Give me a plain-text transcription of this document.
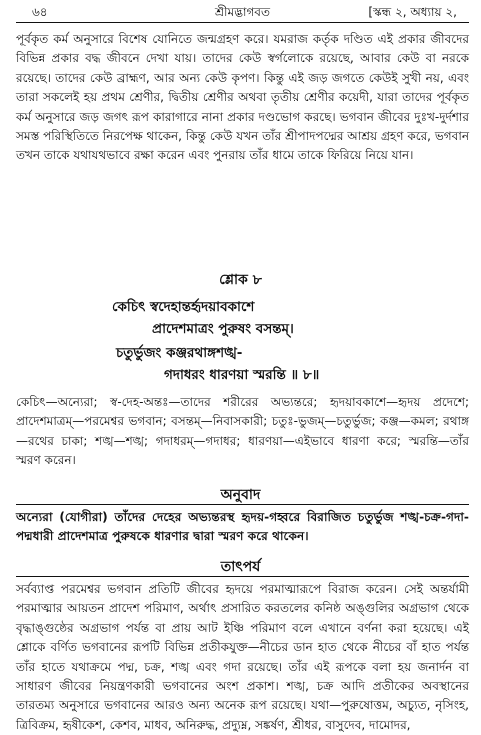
৬৪	শ্রীমদ্ভাগবত	[স্কন্ধ ২, অধ্যায় ২,
পূর্বকৃত কর্ম অনুসারে বিশেষ যোনিতে জন্মগ্রহণ করে। যমরাজ কর্তৃক দণ্ডিত এই প্রকার জীবদের বিভিন্ন প্রকার বদ্ধ জীবনে দেখা যায়। তাদের কেউ স্বর্গলোকে রয়েছে, আবার কেউ বা নরকে রয়েছে। তাদের কেউ ব্রাহ্মণ, আর অন্য কেউ কৃপণ। কিন্তু এই জড় জগতে কেউই সুখী নয়, এবং তারা সকলেই হয় প্রথম শ্রেণীর, দ্বিতীয় শ্রেণীর অথবা তৃতীয় শ্রেণীর কয়েদী, যারা তাদের পূর্বকৃত কর্ম অনুসারে জড় জগৎ রূপ কারাগারে নানা প্রকার দণ্ডভোগ করছে। ভগবান জীবের দুঃখ-দুর্দশার সমস্ত পরিস্থিতিতে নিরপেক্ষ থাকেন, কিন্তু কেউ যখন তাঁর শ্রীপাদপদ্মের আশ্রয় গ্রহণ করে, ভগবান তখন তাকে যথাযথভাবে রক্ষা করেন এবং পুনরায় তাঁর ধামে তাকে ফিরিয়ে নিয়ে যান।
শ্লোক ৮
কেচিৎ স্বদেহান্তর্হৃদয়াবকাশে
প্রাদেশমাত্রং পুরুষং বসন্তম্।
চতুর্ভুজং কঞ্জরথাঙ্গশঙ্খ-
গদাধরং ধারণয়া স্মরন্তি ॥ ৮॥
কেচিৎ—অন্যেরা; স্ব-দেহ-অন্তঃ—তাদের শরীরের অভ্যন্তরে; হৃদয়াবকাশে—হৃদয় প্রদেশে; প্রাদেশমাত্রম্—পরমেশ্বর ভগবান; বসন্তম্—নিবাসকারী; চতুঃ-ভুজম্—চতুর্ভুজ; কঞ্জ—কমল; রথাঙ্গ—রথের চাকা; শঙ্খ—শঙ্খ; গদাধরম্—গদাধর; ধারণয়া—এইভাবে ধারণা করে; স্মরন্তি—তাঁর স্মরণ করেন।
অনুবাদ
অন্যেরা (যোগীরা) তাঁদের দেহের অভ্যন্তরস্থ হৃদয়-গহ্বরে বিরাজিত চতুর্ভুজ শঙ্খ-চক্র-গদা-পদ্মধারী প্রাদেশমাত্র পুরুষকে ধারণার দ্বারা স্মরণ করে থাকেন।
তাৎপর্য
সর্বব্যাপ্ত পরমেশ্বর ভগবান প্রতিটি জীবের হৃদয়ে পরমাত্মারূপে বিরাজ করেন। সেই অন্তর্যামী পরমাত্মার আয়তন প্রাদেশ পরিমাণ, অর্থাৎ প্রসারিত করতলের কনিষ্ঠ অঙ্গুলির অগ্রভাগ থেকে বৃদ্ধাঙ্গুষ্ঠের অগ্রভাগ পর্যন্ত বা প্রায় আট ইঞ্চি পরিমাণ বলে এখানে বর্ণনা করা হয়েছে। এই শ্লোকে বর্ণিত ভগবানের রূপটি বিভিন্ন প্রতীকযুক্ত—নীচের ডান হাত থেকে নীচের বাঁ হাত পর্যন্ত তাঁর হাতে যথাক্রমে পদ্ম, চক্র, শঙ্খ এবং গদা রয়েছে। তাঁর এই রূপকে বলা হয় জনার্দন বা সাধারণ জীবের নিয়ন্ত্রণকারী ভগবানের অংশ প্রকাশ। শঙ্খ, চক্র আদি প্রতীকের অবস্থানের তারতম্য অনুসারে ভগবানের আরও অন্য অনেক রূপ রয়েছে। যথা—পুরুষোত্তম, অচ্যুত, নৃসিংহ, ত্রিবিক্রম, হৃষীকেশ, কেশব, মাধব, অনিরুদ্ধ, প্রদ্যুম্ন, সঙ্কর্ষণ, শ্রীধর, বাসুদেব, দামোদর,
